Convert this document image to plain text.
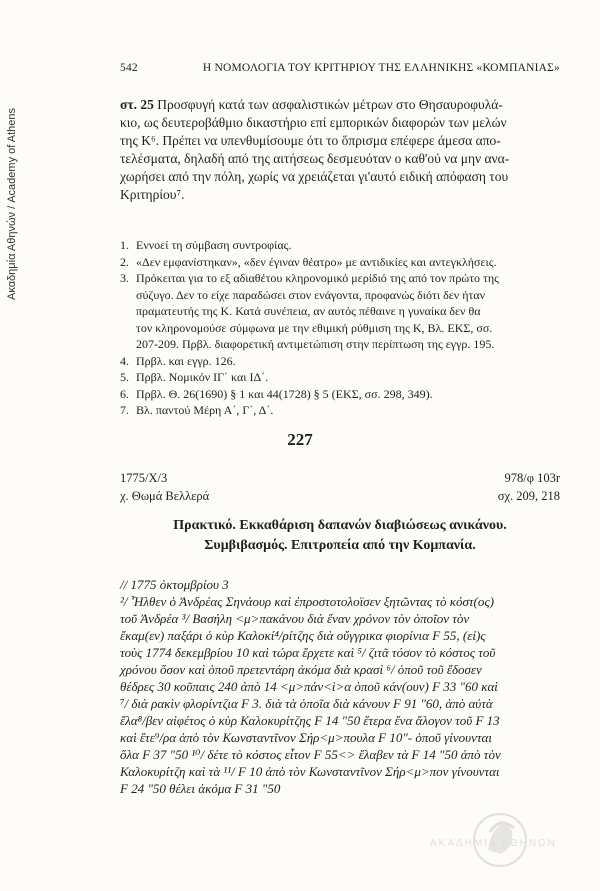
Ακαδημία Αθηνών / Academy of Athens
542	Η ΝΟΜΟΛΟΓΙΑ ΤΟΥ ΚΡΙΤΗΡΙΟΥ ΤΗΣ ΕΛΛΗΝΙΚΗΣ «ΚΟΜΠΑΝΙΑΣ»
στ. 25 Προσφυγή κατά των ασφαλιστικών μέτρων στο Θησαυροφυλά-
κιο, ως δευτεροβάθμιο δικαστήριο επί εμπορικών διαφορών των μελών
της Κ⁶. Πρέπει να υπενθυμίσουμε ότι το ὅπρισμα επέφερε άμεσα απο-
τελέσματα, δηλαδή από της αιτήσεως δεσμευόταν ο καθ'ού να μην ανα-
χωρήσει από την πόλη, χωρίς να χρειάζεται γι'αυτό ειδική απόφαση του
Κριτηρίου⁷.
1. Εννοεί τη σύμβαση συντροφίας.
2. «Δεν εμφανίστηκαν», «δεν έγιναν θέατρο» με αντιδικίες και αντεγκλήσεις.
3. Πρόκειται για το εξ αδιαθέτου κληρονομικό μερίδιό της από τον πρώτο της
σύζυγο. Δεν το είχε παραδώσει στον ενάγοντα, προφανώς διότι δεν ήταν
πραματευτής της Κ. Κατά συνέπεια, αν αυτός πέθαινε η γυναίκα δεν θα
τον κληρονομούσε σύμφωνα με την εθιμική ρύθμιση της Κ, Βλ. ΕΚΣ, σσ.
207-209. Πρβλ. διαφορετική αντιμετώπιση στην περίπτωση της εγγρ. 195.
4. Πρβλ. και εγγρ. 126.
5. Πρβλ. Νομικόν ΙΓ΄ και ΙΔ΄.
6. Πρβλ. Θ. 26(1690) § 1 και 44(1728) § 5 (ΕΚΣ, σσ. 298, 349).
7. Βλ. παντού Μέρη Α΄, Γ΄, Δ΄.
227
1775/X/3	978/φ 103r
χ. Θωμά Βελλερά	σχ. 209, 218
Πρακτικό. Εκκαθάριση δαπανών διαβιώσεως ανικάνου.
Συμβιβασμός. Επιτροπεία από την Κομπανία.
// 1775 ὀκτομβρίου 3
²/ Ἦλθεν ὁ Ἀνδρέας Σηνάουρ καὶ ἐπροστοτολοϊσεν ξητῶντας τὸ κόστ(ος)
τοῦ Ἀνδρέα ³/ Βασήλη <μ>πακάνου διὰ ἕναν χρόνον τὸν ὁποῖον τὸν
ἔκαμ(εν) παξάρι ὁ κὺρ Καλοκί⁴/ρίτζης διὰ οὔγγρικα φιορίνια F 55, (εἰ)ς
τοὺς 1774 δεκεμβρίου 10 καὶ τώρα ἔρχετε καὶ ⁵/ ζιτᾶ τόσον τὸ κόστος τοῦ
χρόνου ὅσον καὶ ὁποῦ πρετεντάρη ἀκόμα διὰ κρασὶ ⁶/ ὁποῦ τοῦ ἔδοσεν
θέδρες 30 κοῦπαις 240 ἀπὸ 14 <μ>πάν<ὶ>α ὁποῦ κάν(ουν) F 33 "60 καὶ
⁷/ διὰ ρακὶν φλορίντζια F 3. διὰ τὰ ὁποῖα διὰ κάνουν F 91 "60, ἀπὸ αὐτὰ
ἔλα⁸/βεν αἰφέτος ὁ κὺρ Καλοκυρίτζης F 14 "50 ἕτερα ἔνα ἄλογον τοῦ F 13
καὶ ἔτε⁹/ρα ἀπὸ τὸν Κωνσταντῖνον Σήρ<μ>πουλα F 10"- ὁποῦ γίνουνται
ὅλα F 37 "50 ¹⁰/ δέτε τὸ κόστος εἶτον F 55<> ἔλαβεν τὰ F 14 "50 ἀπὸ τὸν
Καλοκυρίτζη καὶ τὰ ¹¹/ F 10 ἀπὸ τὸν Κωνσταντῖνον Σήρ<μ>πον γίνουνται
F 24 "50 θέλει ἀκόμα F 31 "50
ΑΚΑΔΗΜΙΑ ΑΘΗΝΩΝ
